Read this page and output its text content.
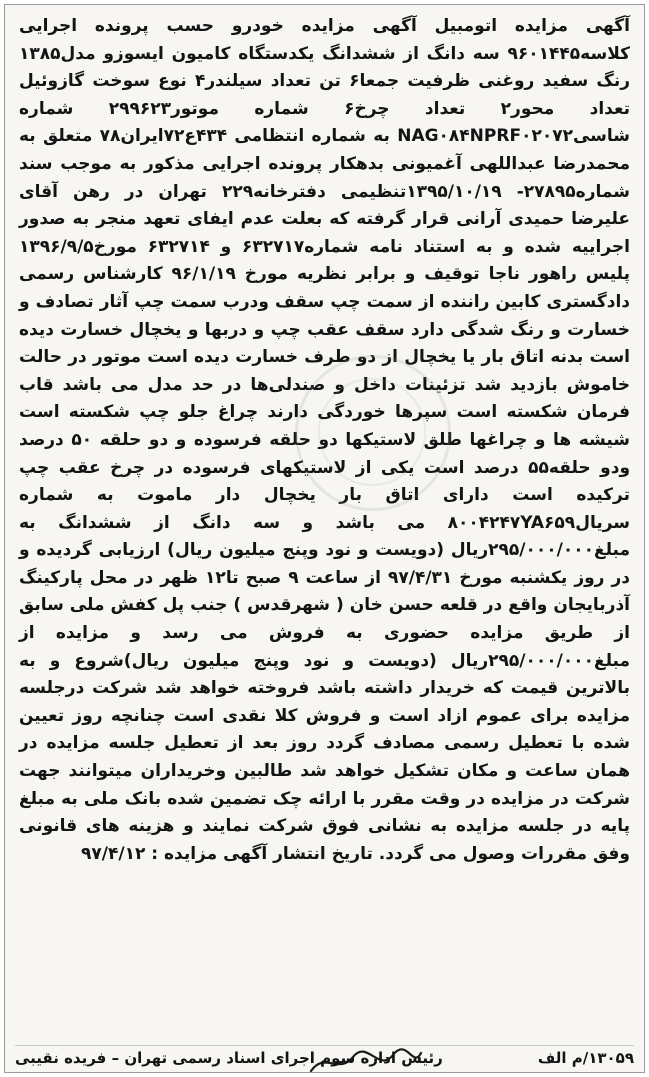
آگهی مزایده اتومبیل آگهی مزایده خودرو حسب پرونده اجرایی کلاسه۹۶۰۱۴۴۵ سه دانگ از ششدانگ یکدستگاه کامیون ایسوزو مدل۱۳۸۵ رنگ سفید روغنی ظرفیت جمعا۶ تن تعداد سیلندر۴ نوع سوخت گازوئیل تعداد محور۲ تعداد چرخ۶ شماره موتور۲۹۹۶۲۳ شماره شاسیNAG۰۸۴NPRF۰۲۰۷۲ به شماره انتظامی ۴۳۴ع۷۲ایران۷۸ متعلق به محمدرضا عبداللهی آغمیونی بدهکار پرونده اجرایی مذکور به موجب سند شماره۲۷۸۹۵- ۱۳۹۵/۱۰/۱۹تنظیمی دفترخانه۲۲۹ تهران در رهن آقای علیرضا حمیدی آرانی قرار گرفته که بعلت عدم ایفای تعهد منجر به صدور اجراییه شده و به استناد نامه شماره۶۳۲۷۱۷ و ۶۳۲۷۱۴ مورخ۱۳۹۶/۹/۵ پلیس راهور ناجا توقیف و برابر نظریه مورخ ۹۶/۱/۱۹ کارشناس رسمی دادگستری کابین راننده از سمت چپ سقف ودرب سمت چپ آثار تصادف و خسارت و رنگ شدگی دارد سقف عقب چپ و دربها و یخچال خسارت دیده است بدنه اتاق بار یا یخچال از دو طرف خسارت دیده است موتور در حالت خاموش بازدید شد تزئینات داخل و صندلی‌ها در حد مدل می باشد قاب فرمان شکسته است سپرها خوردگی دارند چراغ جلو چپ شکسته است شیشه ها و چراغها طلق لاستیکها دو حلقه فرسوده و دو حلقه ۵۰ درصد ودو حلقه۵۵ درصد است یکی از لاستیکهای فرسوده در چرخ عقب چپ ترکیده است دارای اتاق بار یخچال دار ماموت به شماره سریال۸۰۰۴۲۴۷YA۶۵۹ می باشد و سه دانگ از ششدانگ به مبلغ۲۹۵/۰۰۰/۰۰۰ریال (دویست و نود وپنج میلیون ریال) ارزیابی گردیده و در روز یکشنبه مورخ ۹۷/۴/۳۱ از ساعت ۹ صبح تا۱۲ ظهر در محل پارکینگ آذربایجان واقع در قلعه حسن خان ( شهرقدس ) جنب پل کفش ملی سابق از طریق مزایده حضوری به فروش می رسد و مزایده از مبلغ۲۹۵/۰۰۰/۰۰۰ریال (دویست و نود وپنج میلیون ریال)شروع و به بالاترین قیمت که خریدار داشته باشد فروخته خواهد شد شرکت درجلسه مزایده برای عموم ازاد است و فروش کلا نقدی است چنانچه روز تعیین شده با تعطیل رسمی مصادف گردد روز بعد از تعطیل جلسه مزایده در همان ساعت و مکان تشکیل خواهد شد طالبین وخریداران میتوانند جهت شرکت در مزایده در وقت مقرر با ارائه چک تضمین شده بانک ملی به مبلغ پایه در جلسه مزایده به نشانی فوق شرکت نمایند و هزینه های قانونی وفق مقررات وصول می گردد. تاریخ انتشار آگهی مزایده : ۹۷/۴/۱۲

۱۳۰۵۹/م الف
رئیس اداره سوم اجرای اسناد رسمی تهران – فریده نقیبی
